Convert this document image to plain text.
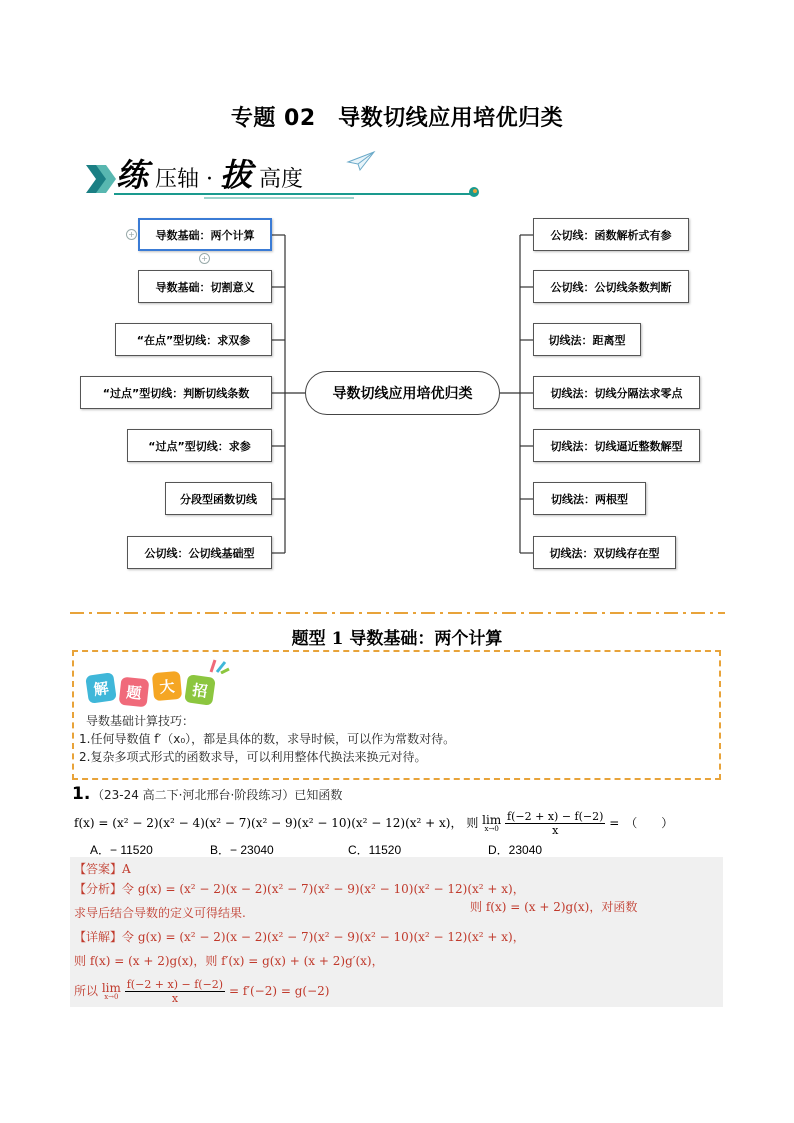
专题 02　导数切线应用培优归类
练 压轴 · 拔 高度
导数基础：两个计算
+
+
导数基础：切割意义
“在点”型切线：求双参
“过点”型切线：判断切线条数
“过点”型切线：求参
分段型函数切线
公切线：公切线基础型
导数切线应用培优归类
公切线：函数解析式有参
公切线：公切线条数判断
切线法：距离型
切线法：切线分隔法求零点
切线法：切线逼近整数解型
切线法：两根型
切线法：双切线存在型
题型 1 导数基础：两个计算
解	题	大	招
导数基础计算技巧：
1.任何导数值 f′（x₀），都是具体的数，求导时候，可以作为常数对待。
2.复杂多项式形式的函数求导，可以利用整体代换法来换元对待。
1. （23-24 高二下·河北邢台·阶段练习）已知函数
f(x) = (x² − 2)(x² − 4)(x² − 7)(x² − 9)(x² − 10)(x² − 12)(x² + x)， 则 lim
x→0
$\frac{f(-2 + x) - f(-2)}{x}$ =　（　　）
A．− 11520	B．− 23040	C．11520	D．23040
【答案】A
【分析】令 g(x) = (x² − 2)(x − 2)(x² − 7)(x² − 9)(x² − 10)(x² − 12)(x² + x)，
则 f(x) = (x + 2)g(x)，对函数
求导后结合导数的定义可得结果.
【详解】令 g(x) = (x² − 2)(x − 2)(x² − 7)(x² − 9)(x² − 10)(x² − 12)(x² + x)，
则 f(x) = (x + 2)g(x)，则 f′(x) = g(x) + (x + 2)g′(x)，
所以 lim
x→0
$\frac{f(-2 + x) - f(-2)}{x} = f'(-2) = g(-2)$
